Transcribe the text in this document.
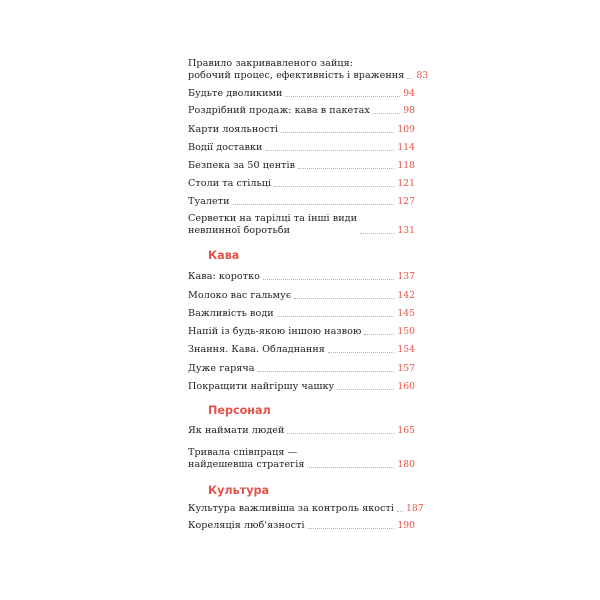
Правило закривавленого зайця:
робочий процес, ефективність і враження 83
Будьте дволикими	94
Роздрібний продаж: кава в пакетах	98
Карти лояльності	109
Водії доставки	114
Безпека за 50 центів	118
Столи та стільці	121
Туалети	127
Серветки на тарілці та інші види
невпинної боротьби	131
Кава
Кава: коротко	137
Молоко вас гальмує	142
Важливість води	145
Напій із будь-якою іншою назвою	150
Знання. Кава. Обладнання	154
Дуже гаряча	157
Покращити найгіршу чашку	160
Персонал
Як наймати людей	165
Тривала співпраця —
найдешевша стратегія	180
Культура
Культура важливіша за контроль якості 187
Кореляція люб'язності	190
